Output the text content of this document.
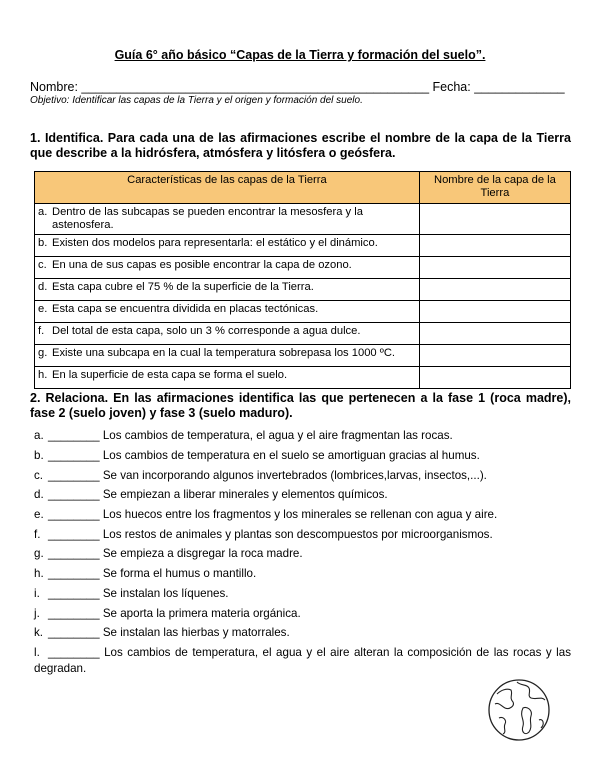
Guía 6° año básico “Capas de la Tierra y formación del suelo”.
Nombre: __________________________________________________ Fecha: _____________
Objetivo: Identificar las capas de la Tierra y el origen y formación del suelo.
1. Identifica. Para cada una de las afirmaciones escribe el nombre de la capa de la Tierra que describe a la hidrósfera, atmósfera y litósfera o geósfera.
Características de las capas de la Tierra	Nombre de la capa de la Tierra

a. Dentro de las subcapas se pueden encontrar la mesosfera y la astenosfera.	

b. Existen dos modelos para representarla: el estático y el dinámico.	

c. En una de sus capas es posible encontrar la capa de ozono.	

d. Esta capa cubre el 75 % de la superficie de la Tierra.	

e. Esta capa se encuentra dividida en placas tectónicas.	

f. Del total de esta capa, solo un 3 % corresponde a agua dulce.	

g. Existe una subcapa en la cual la temperatura sobrepasa los 1000 ºC.	

h. En la superficie de esta capa se forma el suelo.	

2. Relaciona. En las afirmaciones identifica las que pertenecen a la fase 1 (roca madre), fase 2 (suelo joven) y fase 3 (suelo maduro).
a. ________ Los cambios de temperatura, el agua y el aire fragmentan las rocas.
b. ________ Los cambios de temperatura en el suelo se amortiguan gracias al humus.
c. ________ Se van incorporando algunos invertebrados (lombrices,larvas, insectos,...).
d. ________ Se empiezan a liberar minerales y elementos químicos.
e. ________ Los huecos entre los fragmentos y los minerales se rellenan con agua y aire.
f. ________ Los restos de animales y plantas son descompuestos por microorganismos.
g. ________ Se empieza a disgregar la roca madre.
h. ________ Se forma el humus o mantillo.
i. ________ Se instalan los líquenes.
j. ________ Se aporta la primera materia orgánica.
k. ________ Se instalan las hierbas y matorrales.
l. ________ Los cambios de temperatura, el agua y el aire alteran la composición de las rocas y las degradan.
